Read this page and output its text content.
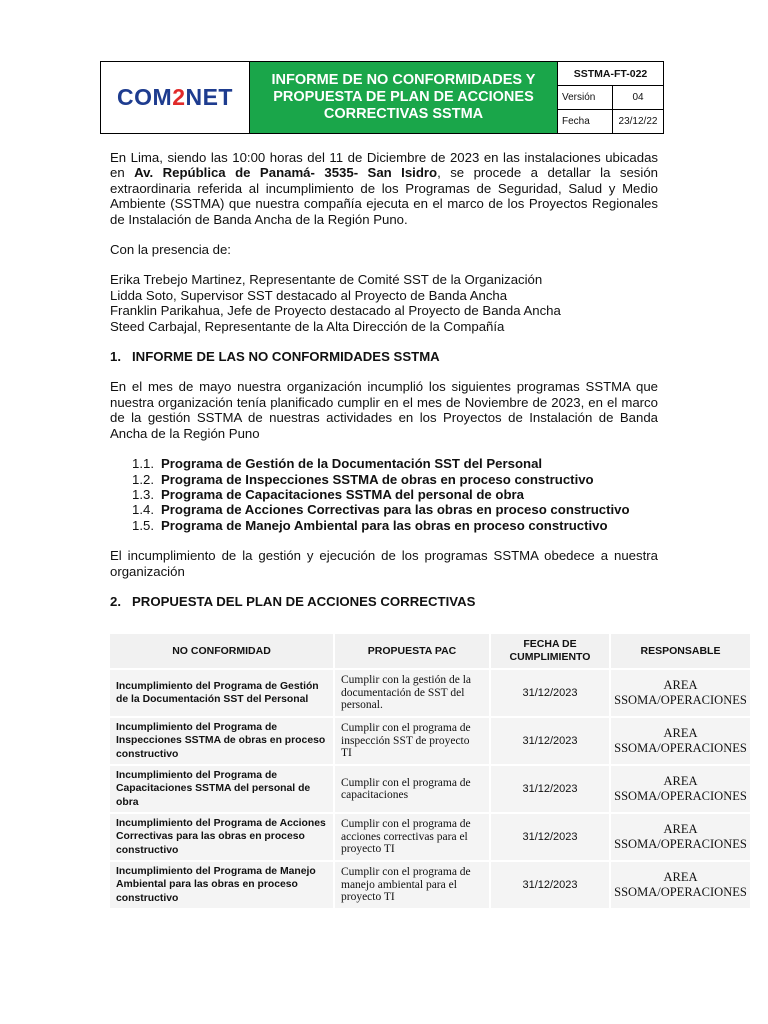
COM2NET
INFORME DE NO CONFORMIDADES Y PROPUESTA DE PLAN DE ACCIONES CORRECTIVAS SSTMA
SSTMA-FT-022
Versión	04
Fecha	23/12/22

En Lima, siendo las 10:00 horas del 11 de Diciembre de 2023 en las instalaciones ubicadas en Av. República de Panamá- 3535- San Isidro, se procede a detallar la sesión extraordinaria referida al incumplimiento de los Programas de Seguridad, Salud y Medio Ambiente (SSTMA) que nuestra compañía ejecuta en el marco de los Proyectos Regionales de Instalación de Banda Ancha de la Región Puno.

Con la presencia de:

Erika Trebejo Martinez, Representante de Comité SST de la Organización

Lidda Soto, Supervisor SST destacado al Proyecto de Banda Ancha

Franklin Parikahua, Jefe de Proyecto destacado al Proyecto de Banda Ancha

Steed Carbajal, Representante de la Alta Dirección de la Compañía

1. INFORME DE LAS NO CONFORMIDADES SSTMA

En el mes de mayo nuestra organización incumplió los siguientes programas SSTMA que nuestra organización tenía planificado cumplir en el mes de Noviembre de 2023, en el marco de la gestión SSTMA de nuestras actividades en los Proyectos de Instalación de Banda Ancha de la Región Puno

1.1. Programa de Gestión de la Documentación SST del Personal
1.2. Programa de Inspecciones SSTMA de obras en proceso constructivo
1.3. Programa de Capacitaciones SSTMA del personal de obra
1.4. Programa de Acciones Correctivas para las obras en proceso constructivo
1.5. Programa de Manejo Ambiental para las obras en proceso constructivo

El incumplimiento de la gestión y ejecución de los programas SSTMA obedece a nuestra organización

2. PROPUESTA DEL PLAN DE ACCIONES CORRECTIVAS
NO CONFORMIDAD	PROPUESTA PAC	FECHA DE CUMPLIMIENTO	RESPONSABLE
Incumplimiento del Programa de Gestión de la Documentación SST del Personal	Cumplir con la gestión de la documentación de SST del personal.	31/12/2023	AREA SSOMA/OPERACIONES
Incumplimiento del Programa de Inspecciones SSTMA de obras en proceso constructivo	Cumplir con el programa de inspección SST de proyecto TI	31/12/2023	AREA SSOMA/OPERACIONES
Incumplimiento del Programa de Capacitaciones SSTMA del personal de obra	Cumplir con el programa de capacitaciones	31/12/2023	AREA SSOMA/OPERACIONES
Incumplimiento del Programa de Acciones Correctivas para las obras en proceso constructivo	Cumplir con el programa de acciones correctivas para el proyecto TI	31/12/2023	AREA SSOMA/OPERACIONES
Incumplimiento del Programa de Manejo Ambiental para las obras en proceso constructivo	Cumplir con el programa de manejo ambiental para el proyecto TI	31/12/2023	AREA SSOMA/OPERACIONES
